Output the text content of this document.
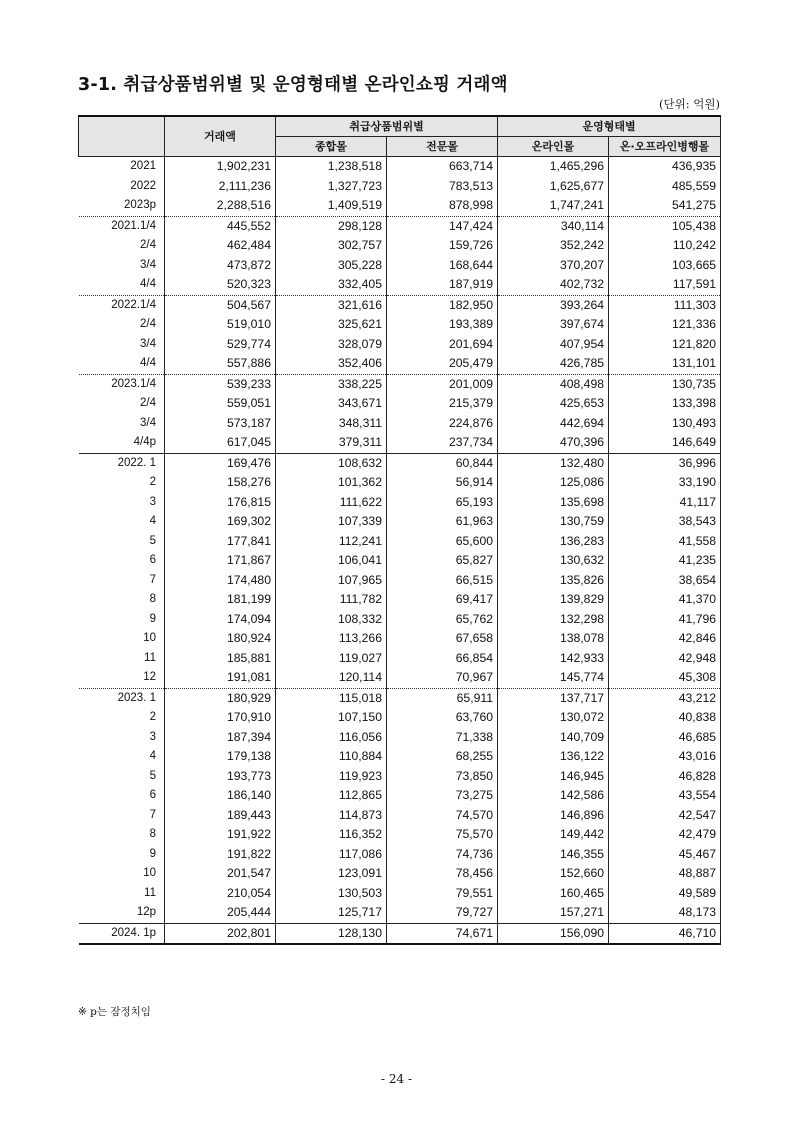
3-1. 취급상품범위별 및 운영형태별 온라인쇼핑 거래액
(단위: 억원)
	거래액	취급상품범위별		운영형태별	
		종합몰	전문몰	온라인몰	온·오프라인병행몰
2021	1,902,231	1,238,518	663,714	1,465,296	436,935
2022	2,111,236	1,327,723	783,513	1,625,677	485,559
2023p	2,288,516	1,409,519	878,998	1,747,241	541,275
2021.1/4	445,552	298,128	147,424	340,114	105,438
2/4	462,484	302,757	159,726	352,242	110,242
3/4	473,872	305,228	168,644	370,207	103,665
4/4	520,323	332,405	187,919	402,732	117,591
2022.1/4	504,567	321,616	182,950	393,264	111,303
2/4	519,010	325,621	193,389	397,674	121,336
3/4	529,774	328,079	201,694	407,954	121,820
4/4	557,886	352,406	205,479	426,785	131,101
2023.1/4	539,233	338,225	201,009	408,498	130,735
2/4	559,051	343,671	215,379	425,653	133,398
3/4	573,187	348,311	224,876	442,694	130,493
4/4p	617,045	379,311	237,734	470,396	146,649
2022. 1	169,476	108,632	60,844	132,480	36,996
2	158,276	101,362	56,914	125,086	33,190
3	176,815	111,622	65,193	135,698	41,117
4	169,302	107,339	61,963	130,759	38,543
5	177,841	112,241	65,600	136,283	41,558
6	171,867	106,041	65,827	130,632	41,235
7	174,480	107,965	66,515	135,826	38,654
8	181,199	111,782	69,417	139,829	41,370
9	174,094	108,332	65,762	132,298	41,796
10	180,924	113,266	67,658	138,078	42,846
11	185,881	119,027	66,854	142,933	42,948
12	191,081	120,114	70,967	145,774	45,308
2023. 1	180,929	115,018	65,911	137,717	43,212
2	170,910	107,150	63,760	130,072	40,838
3	187,394	116,056	71,338	140,709	46,685
4	179,138	110,884	68,255	136,122	43,016
5	193,773	119,923	73,850	146,945	46,828
6	186,140	112,865	73,275	142,586	43,554
7	189,443	114,873	74,570	146,896	42,547
8	191,922	116,352	75,570	149,442	42,479
9	191,822	117,086	74,736	146,355	45,467
10	201,547	123,091	78,456	152,660	48,887
11	210,054	130,503	79,551	160,465	49,589
12p	205,444	125,717	79,727	157,271	48,173
2024. 1p	202,801	128,130	74,671	156,090	46,710
※ p는 잠정치임
- 24 -
